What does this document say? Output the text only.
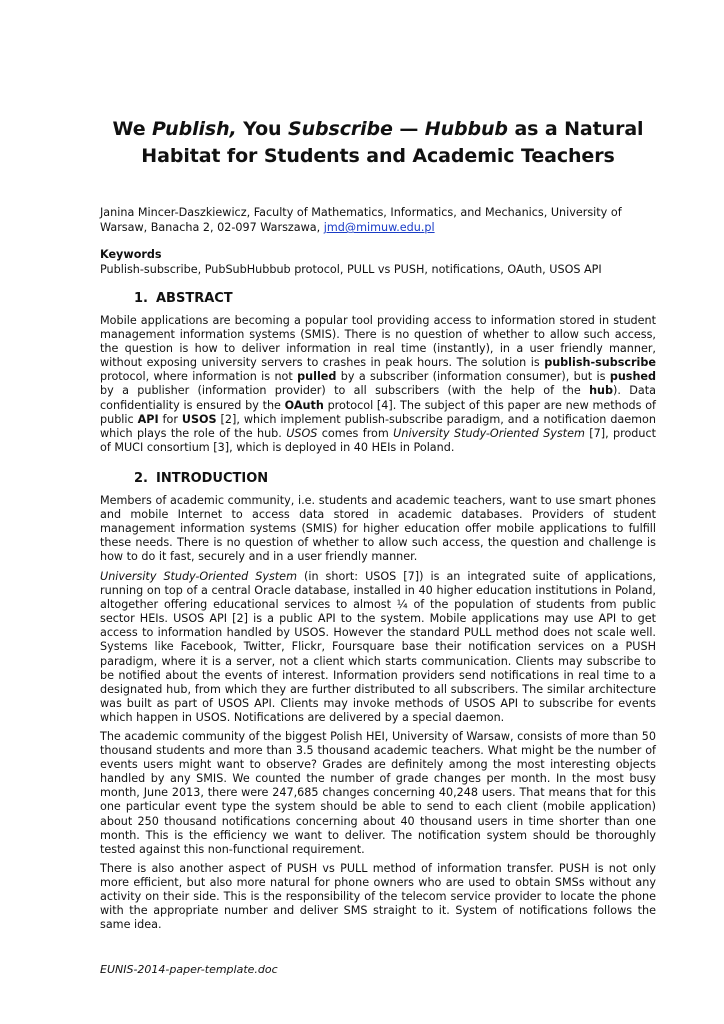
We Publish, You Subscribe — Hubbub as a Natural
Habitat for Students and Academic Teachers
Janina Mincer-Daszkiewicz, Faculty of Mathematics, Informatics, and Mechanics, University of Warsaw, Banacha 2, 02-097 Warszawa, jmd@mimuw.edu.pl
Keywords
Publish-subscribe, PubSubHubbub protocol, PULL vs PUSH, notifications, OAuth, USOS API
1. ABSTRACT
Mobile applications are becoming a popular tool providing access to information stored in student management information systems (SMIS). There is no question of whether to allow such access, the question is how to deliver information in real time (instantly), in a user friendly manner, without exposing university servers to crashes in peak hours. The solution is publish-subscribe protocol, where information is not pulled by a subscriber (information consumer), but is pushed by a publisher (information provider) to all subscribers (with the help of the hub). Data confidentiality is ensured by the OAuth protocol [4]. The subject of this paper are new methods of public API for USOS [2], which implement publish-subscribe paradigm, and a notification daemon which plays the role of the hub. USOS comes from University Study-Oriented System [7], product of MUCI consortium [3], which is deployed in 40 HEIs in Poland.
2. INTRODUCTION
Members of academic community, i.e. students and academic teachers, want to use smart phones and mobile Internet to access data stored in academic databases. Providers of student management information systems (SMIS) for higher education offer mobile applications to fulfill these needs. There is no question of whether to allow such access, the question and challenge is how to do it fast, securely and in a user friendly manner.
University Study-Oriented System (in short: USOS [7]) is an integrated suite of applications, running on top of a central Oracle database, installed in 40 higher education institutions in Poland, altogether offering educational services to almost ¼ of the population of students from public sector HEIs. USOS API [2] is a public API to the system. Mobile applications may use API to get access to information handled by USOS. However the standard PULL method does not scale well. Systems like Facebook, Twitter, Flickr, Foursquare base their notification services on a PUSH paradigm, where it is a server, not a client which starts communication. Clients may subscribe to be notified about the events of interest. Information providers send notifications in real time to a designated hub, from which they are further distributed to all subscribers. The similar architecture was built as part of USOS API. Clients may invoke methods of USOS API to subscribe for events which happen in USOS. Notifications are delivered by a special daemon.
The academic community of the biggest Polish HEI, University of Warsaw, consists of more than 50 thousand students and more than 3.5 thousand academic teachers. What might be the number of events users might want to observe? Grades are definitely among the most interesting objects handled by any SMIS. We counted the number of grade changes per month. In the most busy month, June 2013, there were 247,685 changes concerning 40,248 users. That means that for this one particular event type the system should be able to send to each client (mobile application) about 250 thousand notifications concerning about 40 thousand users in time shorter than one month. This is the efficiency we want to deliver. The notification system should be thoroughly tested against this non-functional requirement.
There is also another aspect of PUSH vs PULL method of information transfer. PUSH is not only more efficient, but also more natural for phone owners who are used to obtain SMSs without any activity on their side. This is the responsibility of the telecom service provider to locate the phone with the appropriate number and deliver SMS straight to it. System of notifications follows the same idea.
EUNIS-2014-paper-template.doc
